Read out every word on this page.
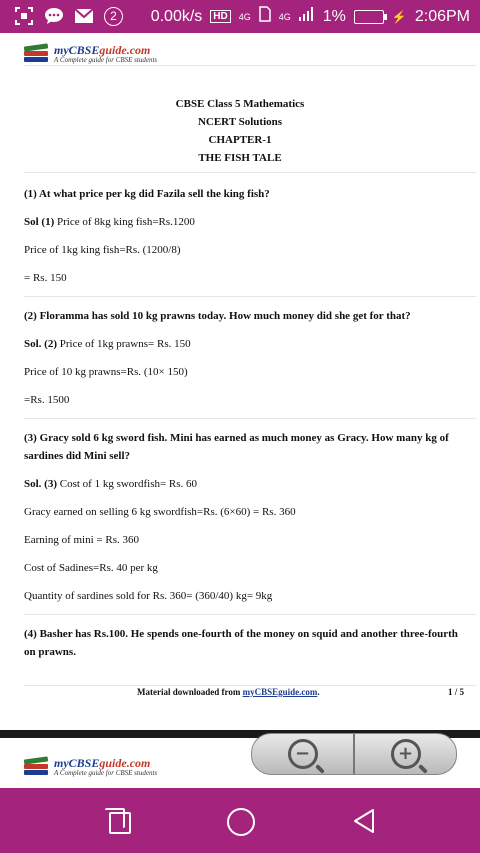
2	0.00k/s	HD	4G	4G 1%	⚡ 2:06PM
myCBSEguide.com
A Complete guide for CBSE students
CBSE Class 5 Mathematics
NCERT Solutions
CHAPTER-1
THE FISH TALE
(1) At what price per kg did Fazila sell the king fish?
Sol (1) Price of 8kg king fish=Rs.1200
Price of 1kg king fish=Rs. (1200/8)
= Rs. 150
(2) Floramma has sold 10 kg prawns today. How much money did she get for that?
Sol. (2) Price of 1kg prawns= Rs. 150
Price of 10 kg prawns=Rs. (10× 150)
=Rs. 1500
(3) Gracy sold 6 kg sword fish. Mini has earned as much money as Gracy. How many kg of sardines did Mini sell?
Sol. (3) Cost of 1 kg swordfish= Rs. 60
Gracy earned on selling 6 kg swordfish=Rs. (6×60) = Rs. 360
Earning of mini = Rs. 360
Cost of Sadines=Rs. 40 per kg
Quantity of sardines sold for Rs. 360= (360/40) kg= 9kg
(4) Basher has Rs.100. He spends one-fourth of the money on squid and another three-fourth on prawns.
Material downloaded from myCBSEguide.com.	1 / 5
myCBSEguide.com
A Complete guide for CBSE students
−	+
